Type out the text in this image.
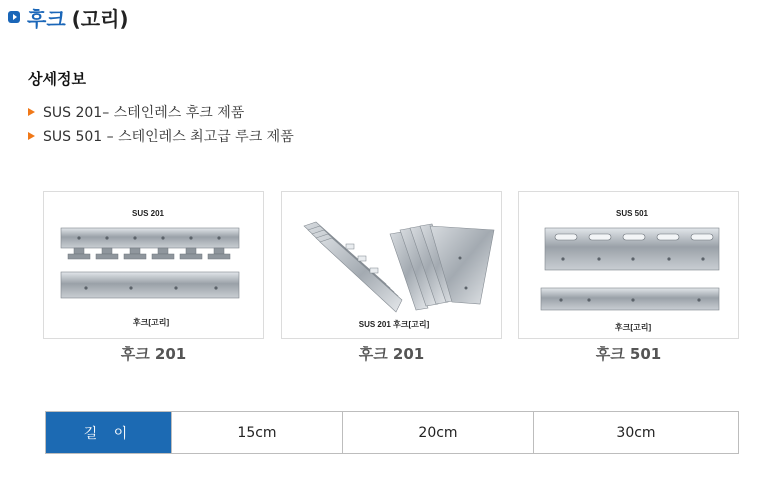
후크 (고리)
상세정보
SUS 201– 스테인레스 후크 제품
SUS 501 – 스테인레스 최고급 루크 제품
SUS 201
후크[고리]
후크 201
SUS 201 후크[고리]
후크 201
SUS 501
후크[고리]
후크 501
길 이	15cm	20cm	30cm
